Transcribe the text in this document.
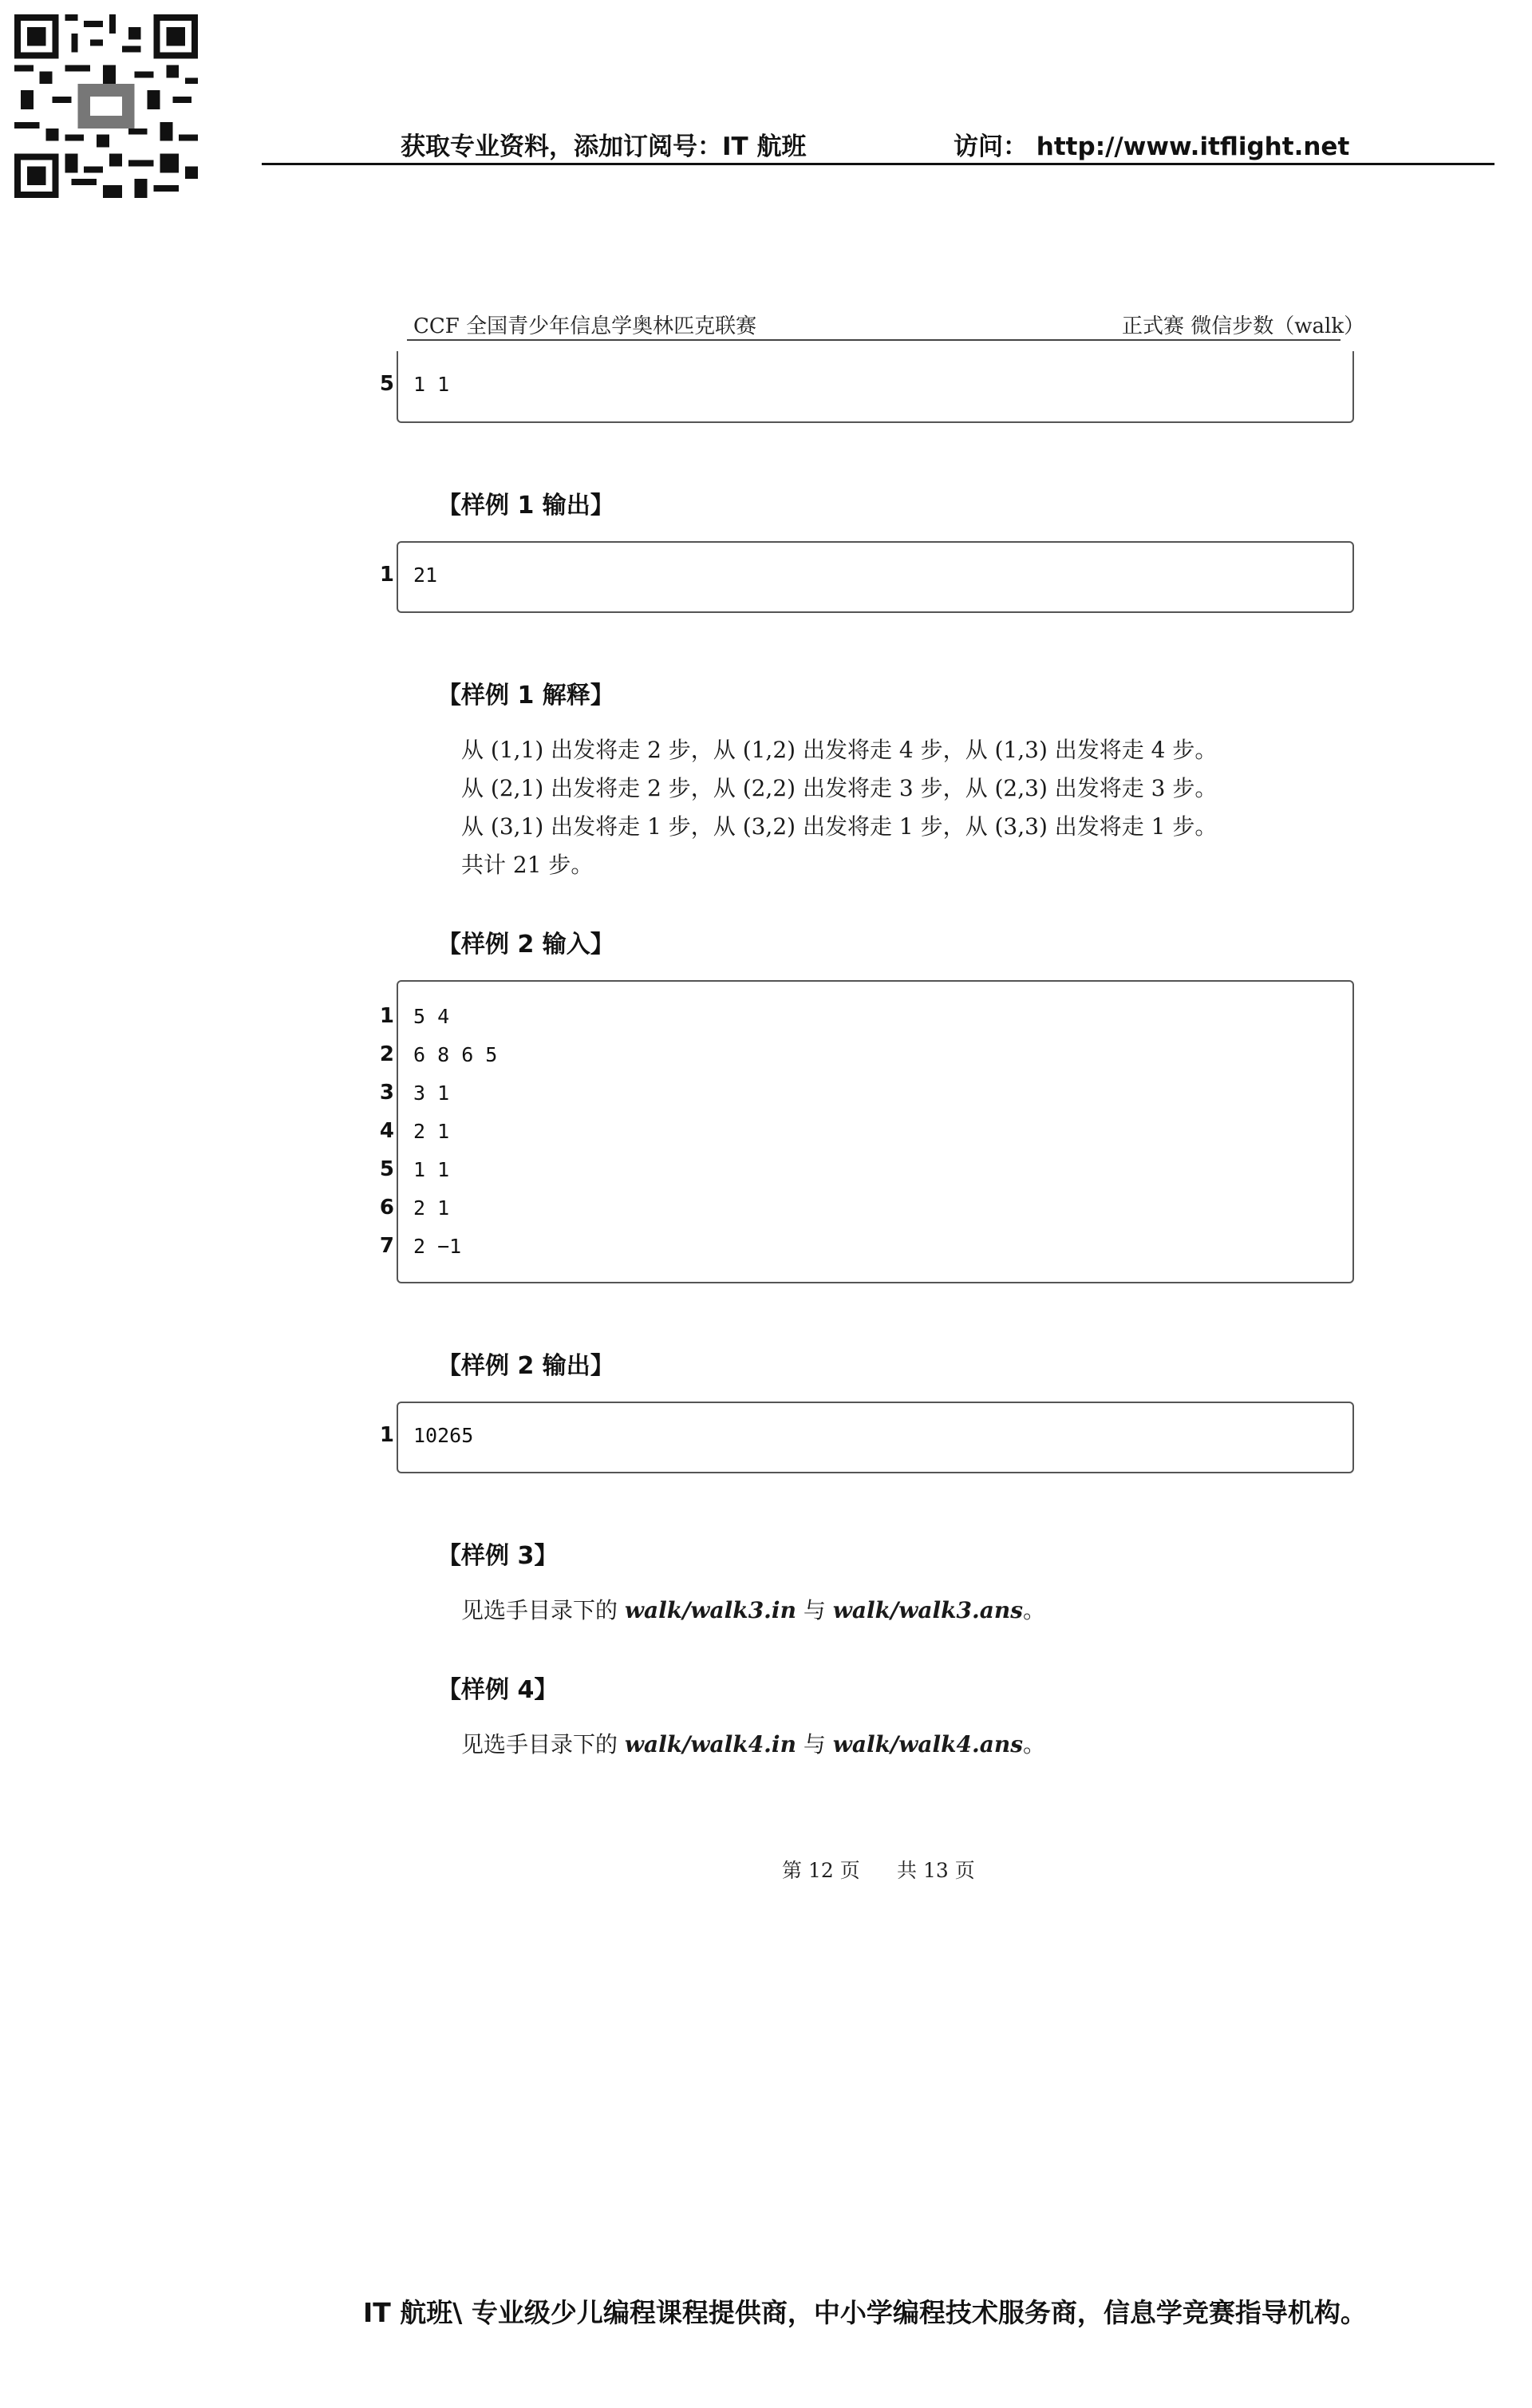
获取专业资料，添加订阅号：IT 航班	访问： http://www.itflight.net
CCF 全国青少年信息学奥林匹克联赛	正式赛 微信步数（walk）
5 1 1
【样例 1 输出】
1 21
【样例 1 解释】
从 (1,1) 出发将走 2 步，从 (1,2) 出发将走 4 步，从 (1,3) 出发将走 4 步。
从 (2,1) 出发将走 2 步，从 (2,2) 出发将走 3 步，从 (2,3) 出发将走 3 步。
从 (3,1) 出发将走 1 步，从 (3,2) 出发将走 1 步，从 (3,3) 出发将走 1 步。
共计 21 步。
【样例 2 输入】
1 5 4
2 6 8 6 5
3 3 1
4 2 1
5 1 1
6 2 1
7 2 −1
【样例 2 输出】
1 10265
【样例 3】
见选手目录下的 walk/walk3.in 与 walk/walk3.ans。
【样例 4】
见选手目录下的 walk/walk4.in 与 walk/walk4.ans。
第 12 页 共 13 页
IT 航班\ 专业级少儿编程课程提供商，中小学编程技术服务商，信息学竞赛指导机构。
